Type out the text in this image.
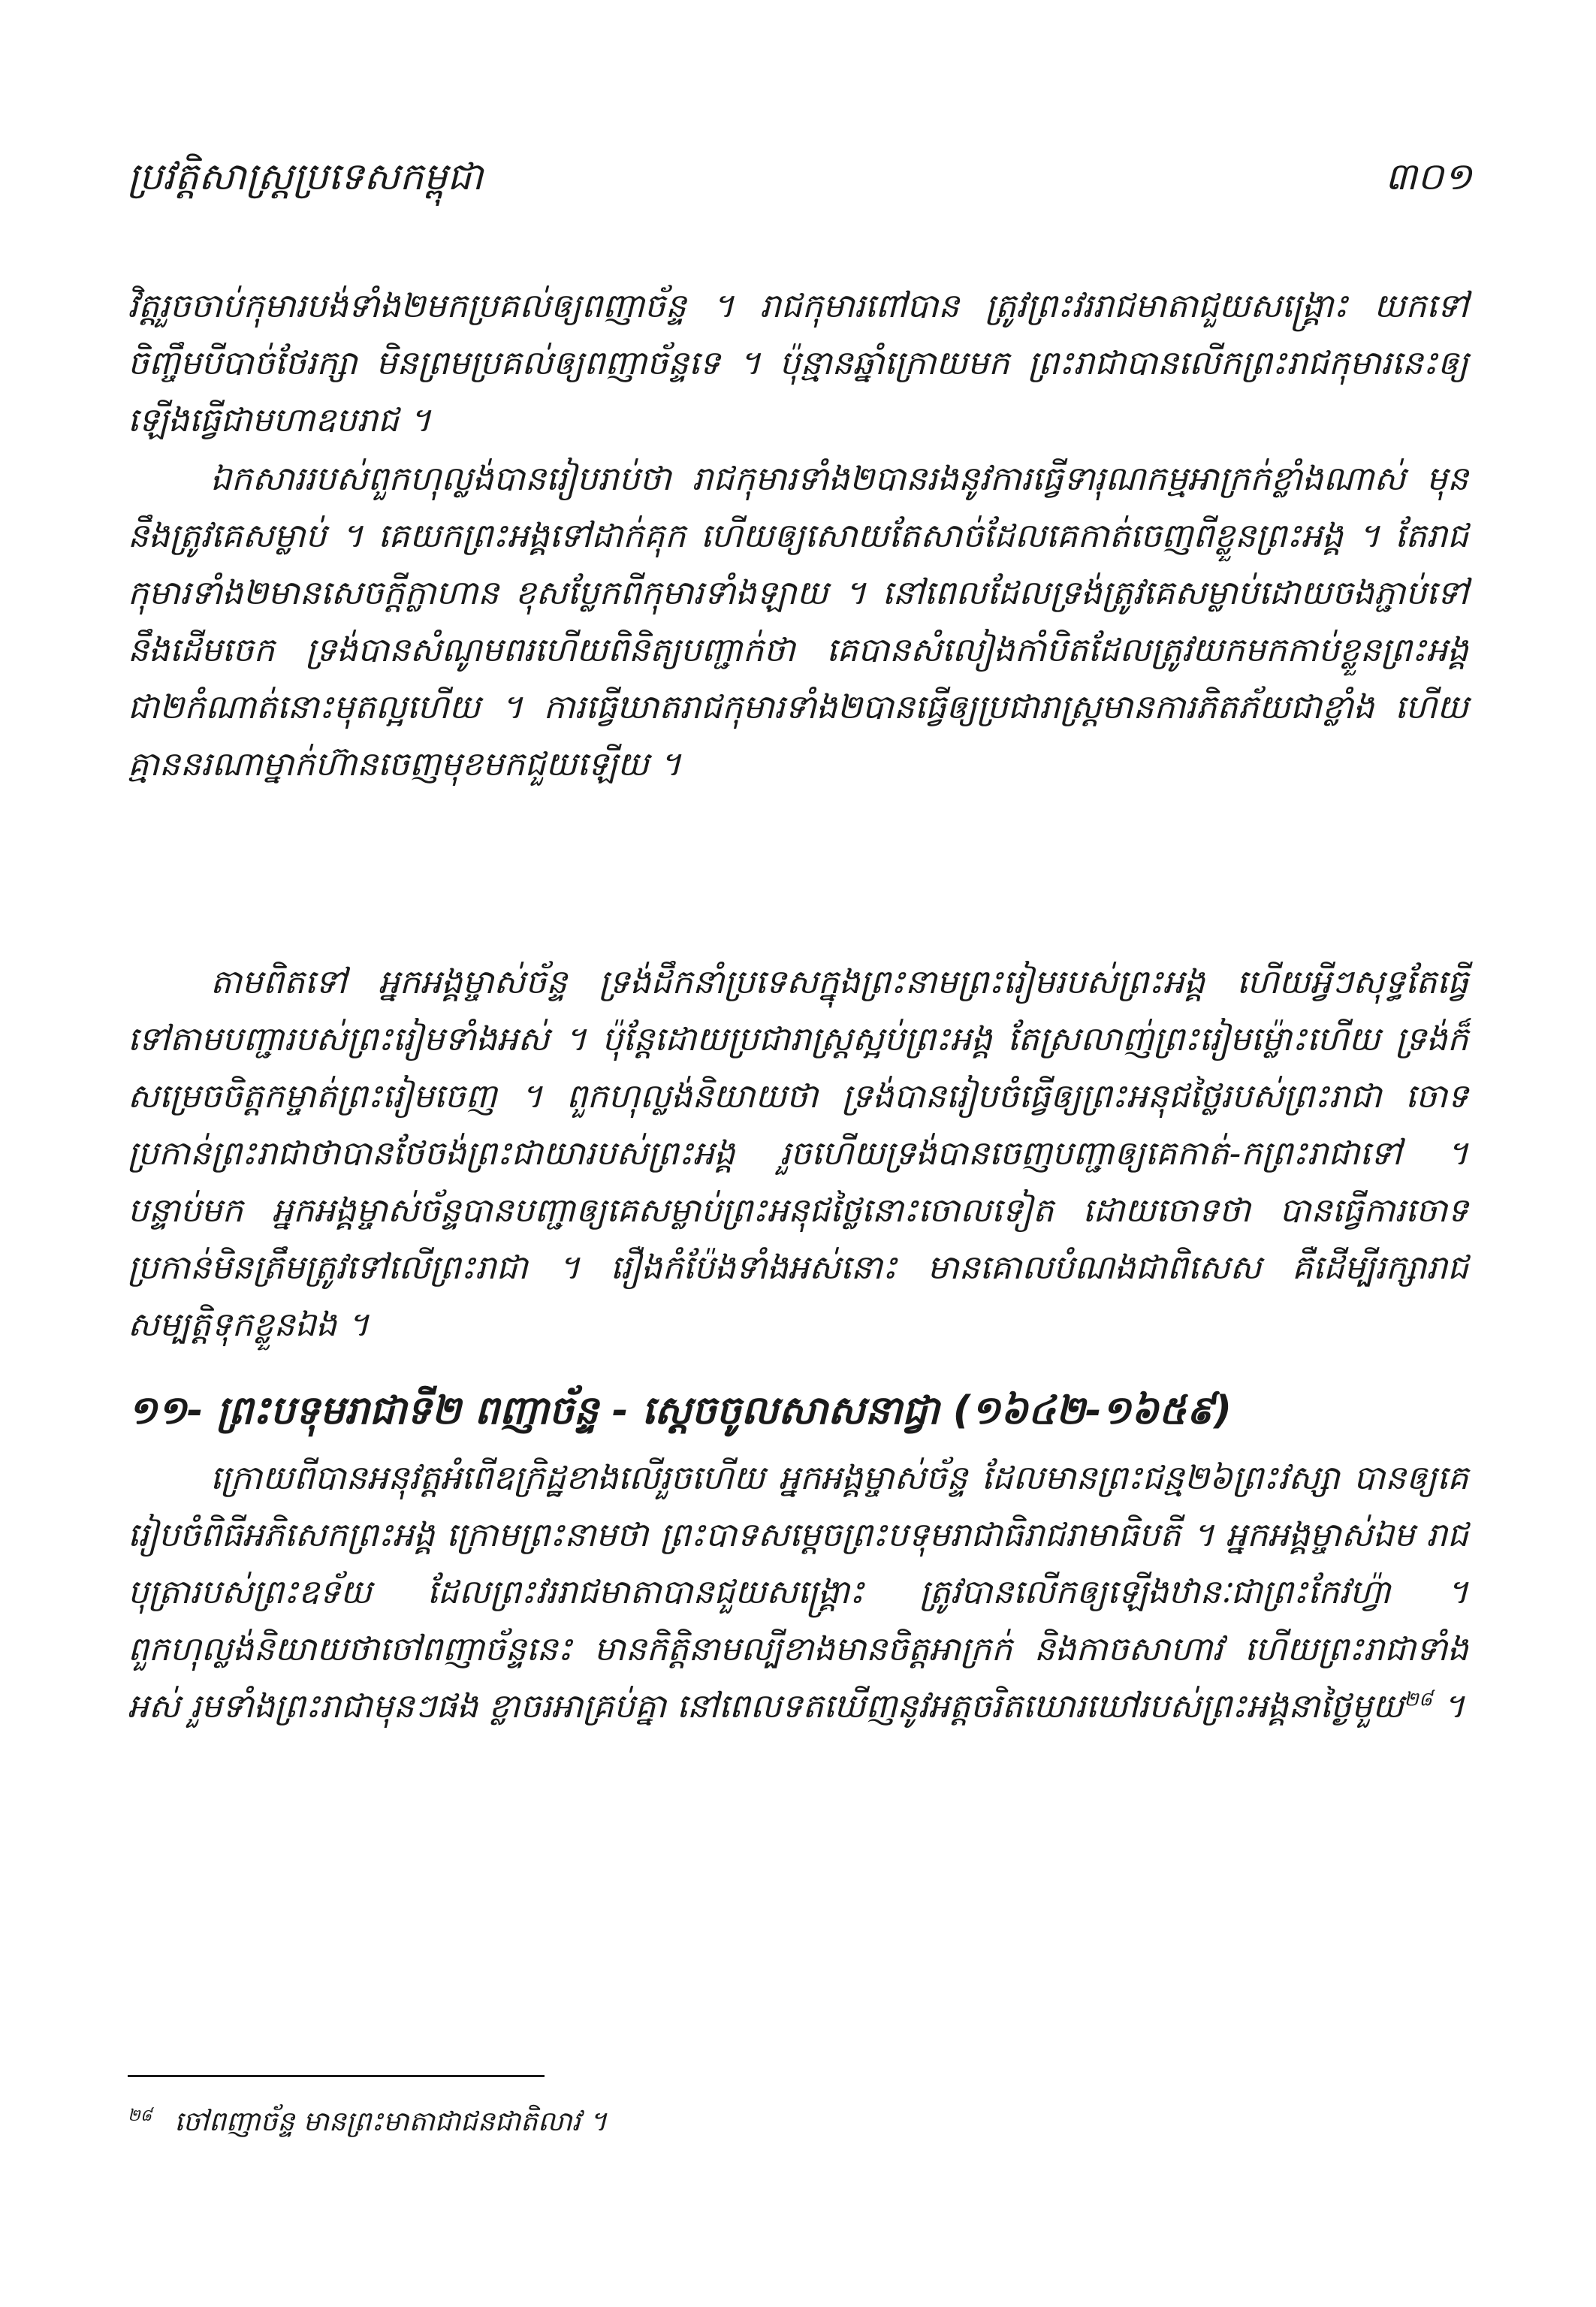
ប្រវត្តិសាស្ត្រប្រទេសកម្ពុជា	៣០១

វិត្តរួចចាប់កុមារបង់ទាំង២មកប្រគល់ឲ្យពញាច័ន្ទ ។ រាជកុមារពៅបាន ត្រូវព្រះវររាជមាតាជួយសង្គ្រោះ យកទៅចិញ្ចឹមបីបាច់ថែរក្សា មិនព្រមប្រគល់ឲ្យពញាច័ន្ទទេ ។ ប៉ុន្មានឆ្នាំក្រោយមក ព្រះរាជាបានលើកព្រះរាជកុមារនេះឲ្យឡើងធ្វើជាមហាឧបរាជ ។

ឯកសាររបស់ពួកហុល្លង់បានរៀបរាប់ថា រាជកុមារទាំង២បានរងនូវការធ្វើទារុណកម្មអាក្រក់ខ្លាំងណាស់ មុននឹងត្រូវគេសម្លាប់ ។ គេយកព្រះអង្គទៅដាក់គុក ហើយឲ្យសោយតែសាច់ដែលគេកាត់ចេញពីខ្លួនព្រះអង្គ ។ តែរាជកុមារទាំង២មានសេចក្តីក្លាហាន ខុសប្លែកពីកុមារទាំងឡាយ ។ នៅពេលដែលទ្រង់ត្រូវគេសម្លាប់ដោយចងភ្ជាប់ទៅនឹងដើមចេក ទ្រង់បានសំណូមពរហើយពិនិត្យបញ្ជាក់ថា គេបានសំលៀងកាំបិតដែលត្រូវយកមកកាប់ខ្លួនព្រះអង្គជា២កំណាត់នោះមុតល្អហើយ ។ ការធ្វើឃាតរាជកុមារទាំង២បានធ្វើឲ្យប្រជារាស្ត្រមានការភិតភ័យជាខ្លាំង ហើយគ្មាននរណាម្នាក់ហ៊ានចេញមុខមកជួយឡើយ ។

តាមពិតទៅ អ្នកអង្គម្ចាស់ច័ន្ទ ទ្រង់ដឹកនាំប្រទេសក្នុងព្រះនាមព្រះរៀមរបស់ព្រះអង្គ ហើយអ្វីៗសុទ្ធតែធ្វើទៅតាមបញ្ជារបស់ព្រះរៀមទាំងអស់ ។ ប៉ុន្តែដោយប្រជារាស្ត្រស្អប់ព្រះអង្គ តែស្រលាញ់ព្រះរៀមម៉្លោះហើយ ទ្រង់ក៏សម្រេចចិត្តកម្ចាត់ព្រះរៀមចេញ ។ ពួកហុល្លង់និយាយថា ទ្រង់បានរៀបចំធ្វើឲ្យព្រះអនុជថ្លៃរបស់ព្រះរាជា ចោទប្រកាន់ព្រះរាជាថាបានថែចង់ព្រះជាយារបស់ព្រះអង្គ រួចហើយទ្រង់បានចេញបញ្ជាឲ្យគេកាត់-កព្រះរាជាទៅ ។ បន្ទាប់មក អ្នកអង្គម្ចាស់ច័ន្ទបានបញ្ជាឲ្យគេសម្លាប់ព្រះអនុជថ្លៃនោះចោលទៀត ដោយចោទថា បានធ្វើការចោទប្រកាន់មិនត្រឹមត្រូវទៅលើព្រះរាជា ។ រឿងកំប៉ែងទាំងអស់នោះ មានគោលបំណងជាពិសេស គឺដើម្បីរក្សារាជសម្បត្តិទុកខ្លួនឯង ។

១១- ព្រះបទុមរាជាទី២ ពញាច័ន្ទ - ស្តេចចូលសាសនាជ្វា (១៦៤២-១៦៥៩)

ក្រោយពីបានអនុវត្តអំពើឧក្រិដ្ឋខាងលើរួចហើយ អ្នកអង្គម្ចាស់ច័ន្ទ ដែលមានព្រះជន្ម២៦ព្រះវស្សា បានឲ្យគេរៀបចំពិធីអភិសេកព្រះអង្គ ក្រោមព្រះនាមថា ព្រះបាទសម្តេចព្រះបទុមរាជាធិរាជរាមាធិបតី ។ អ្នកអង្គម្ចាស់ឯម រាជបុត្រារបស់ព្រះឧទ័យ ដែលព្រះវររាជមាតាបានជួយសង្គ្រោះ ត្រូវបានលើកឲ្យឡើងឋានៈជាព្រះកែវហ្វ៉ា ។ ពួកហុល្លង់និយាយថាចៅពញាច័ន្ទនេះ មានកិត្តិនាមល្បីខាងមានចិត្តអាក្រក់ និងកាចសាហាវ ហើយព្រះរាជាទាំងអស់ រួមទាំងព្រះរាជាមុនៗផង ខ្លាចរអាគ្រប់គ្នា នៅពេលទតឃើញនូវអត្តចរិតឃោរឃៅរបស់ព្រះអង្គនាថ្ងៃមួយ$^{២៨}$ ។

$^{២៨}$ ចៅពញាច័ន្ទ មានព្រះមាតាជាជនជាតិលាវ ។
